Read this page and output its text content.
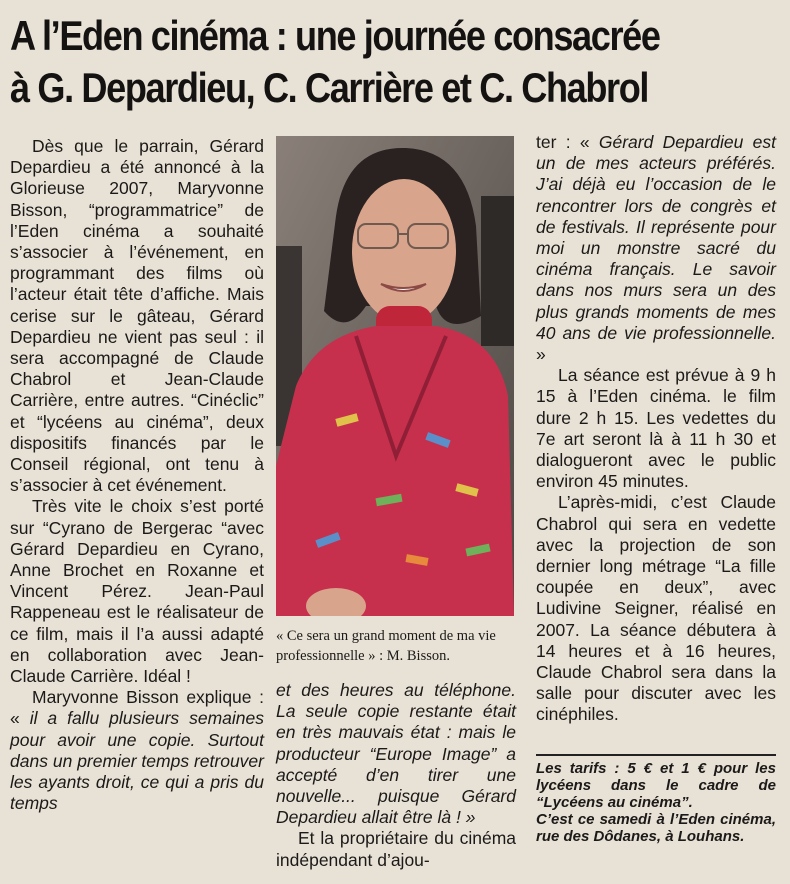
A l’Eden cinéma : une journée consacrée
à G. Depardieu, C. Carrière et C. Chabrol

Dès que le parrain, Gérard Depardieu a été annoncé à la Glorieuse 2007, Maryvonne Bisson, “programmatrice” de l’Eden cinéma a souhaité s’associer à l’événement, en programmant des films où l’acteur était tête d’affiche. Mais cerise sur le gâteau, Gérard Depardieu ne vient pas seul : il sera accompagné de Claude Chabrol et Jean-Claude Carrière, entre autres. “Cinéclic” et “lycéens au cinéma”, deux dispositifs financés par le Conseil régional, ont tenu à s’associer à cet événement.

Très vite le choix s’est porté sur “Cyrano de Bergerac “avec Gérard Depardieu en Cyrano, Anne Brochet en Roxanne et Vincent Pérez. Jean-Paul Rappeneau est le réalisateur de ce film, mais il l’a aussi adapté en collaboration avec Jean-Claude Carrière. Idéal !

Maryvonne Bisson explique : « il a fallu plusieurs semaines pour avoir une copie. Surtout dans un premier temps retrouver les ayants droit, ce qui a pris du temps

« Ce sera un grand moment de ma vie professionnelle » : M. Bisson.

et des heures au téléphone. La seule copie restante était en très mauvais état : mais le producteur “Europe Image” a accepté d’en tirer une nouvelle... puisque Gérard Depardieu allait être là ! »

Et la propriétaire du cinéma indépendant d’ajou-

ter : « Gérard Depardieu est un de mes acteurs préférés. J’ai déjà eu l’occasion de le rencontrer lors de congrès et de festivals. Il représente pour moi un monstre sacré du cinéma français. Le savoir dans nos murs sera un des plus grands moments de mes 40 ans de vie professionnelle. »

La séance est prévue à 9 h 15 à l’Eden cinéma. le film dure 2 h 15. Les vedettes du 7e art seront là à 11 h 30 et dialogueront avec le public environ 45 minutes.

L’après-midi, c’est Claude Chabrol qui sera en vedette avec la projection de son dernier long métrage “La fille coupée en deux”, avec Ludivine Seigner, réalisé en 2007. La séance débutera à 14 heures et à 16 heures, Claude Chabrol sera dans la salle pour discuter avec les cinéphiles.

Les tarifs : 5 € et 1 € pour les lycéens dans le cadre de “Lycéens au cinéma”.

C’est ce samedi à l’Eden cinéma, rue des Dôdanes, à Louhans.
